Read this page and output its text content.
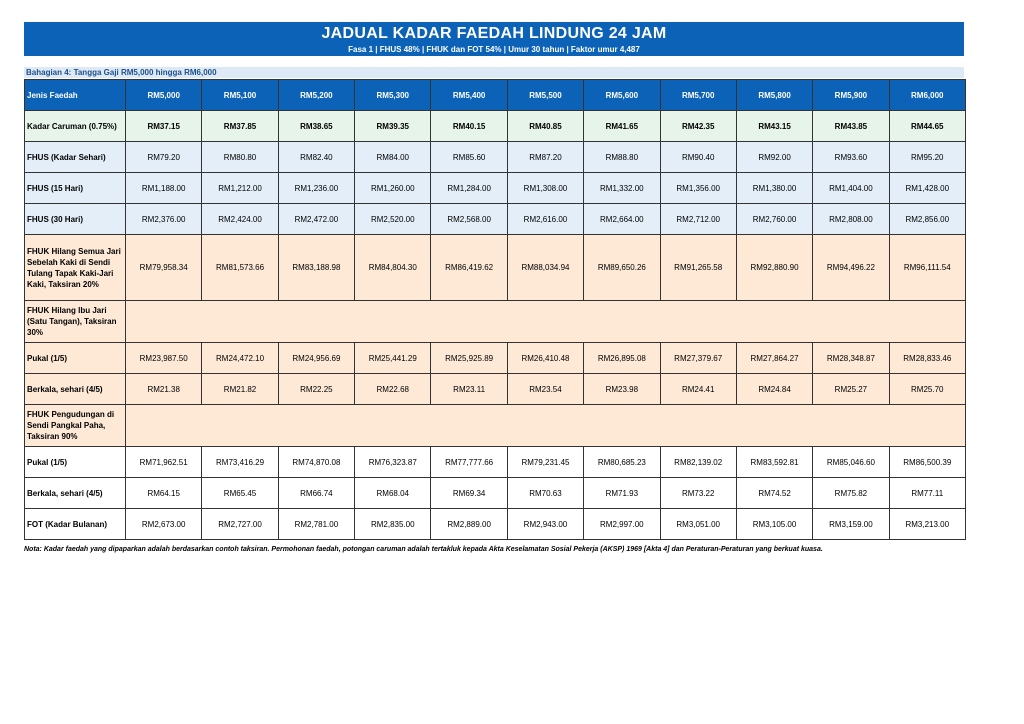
JADUAL KADAR FAEDAH LINDUNG 24 JAM
Fasa 1 | FHUS 48% | FHUK dan FOT 54% | Umur 30 tahun | Faktor umur 4,487
Bahagian 4: Tangga Gaji RM5,000 hingga RM6,000
Jenis Faedah	RM5,000	RM5,100	RM5,200	RM5,300	RM5,400	RM5,500	RM5,600	RM5,700	RM5,800	RM5,900	RM6,000
Kadar Caruman (0.75%)	RM37.15	RM37.85	RM38.65	RM39.35	RM40.15	RM40.85	RM41.65	RM42.35	RM43.15	RM43.85	RM44.65
FHUS (Kadar Sehari)	RM79.20	RM80.80	RM82.40	RM84.00	RM85.60	RM87.20	RM88.80	RM90.40	RM92.00	RM93.60	RM95.20
FHUS (15 Hari)	RM1,188.00	RM1,212.00	RM1,236.00	RM1,260.00	RM1,284.00	RM1,308.00	RM1,332.00	RM1,356.00	RM1,380.00	RM1,404.00	RM1,428.00
FHUS (30 Hari)	RM2,376.00	RM2,424.00	RM2,472.00	RM2,520.00	RM2,568.00	RM2,616.00	RM2,664.00	RM2,712.00	RM2,760.00	RM2,808.00	RM2,856.00
FHUK Hilang Semua Jari Sebelah Kaki di Sendi Tulang Tapak Kaki-Jari Kaki, Taksiran 20%	RM79,958.34	RM81,573.66	RM83,188.98	RM84,804.30	RM86,419.62	RM88,034.94	RM89,650.26	RM91,265.58	RM92,880.90	RM94,496.22	RM96,111.54
FHUK Hilang Ibu Jari (Satu Tangan), Taksiran 30%											
Pukal (1/5)	RM23,987.50	RM24,472.10	RM24,956.69	RM25,441.29	RM25,925.89	RM26,410.48	RM26,895.08	RM27,379.67	RM27,864.27	RM28,348.87	RM28,833.46
Berkala, sehari (4/5)	RM21.38	RM21.82	RM22.25	RM22.68	RM23.11	RM23.54	RM23.98	RM24.41	RM24.84	RM25.27	RM25.70
FHUK Pengudungan di Sendi Pangkal Paha, Taksiran 90%											
Pukal (1/5)	RM71,962.51	RM73,416.29	RM74,870.08	RM76,323.87	RM77,777.66	RM79,231.45	RM80,685.23	RM82,139.02	RM83,592.81	RM85,046.60	RM86,500.39
Berkala, sehari (4/5)	RM64.15	RM65.45	RM66.74	RM68.04	RM69.34	RM70.63	RM71.93	RM73.22	RM74.52	RM75.82	RM77.11
FOT (Kadar Bulanan)	RM2,673.00	RM2,727.00	RM2,781.00	RM2,835.00	RM2,889.00	RM2,943.00	RM2,997.00	RM3,051.00	RM3,105.00	RM3,159.00	RM3,213.00
Nota: Kadar faedah yang dipaparkan adalah berdasarkan contoh taksiran. Permohonan faedah, potongan caruman adalah tertakluk kepada Akta Keselamatan Sosial Pekerja (AKSP) 1969 [Akta 4] dan Peraturan-Peraturan yang berkuat kuasa.
